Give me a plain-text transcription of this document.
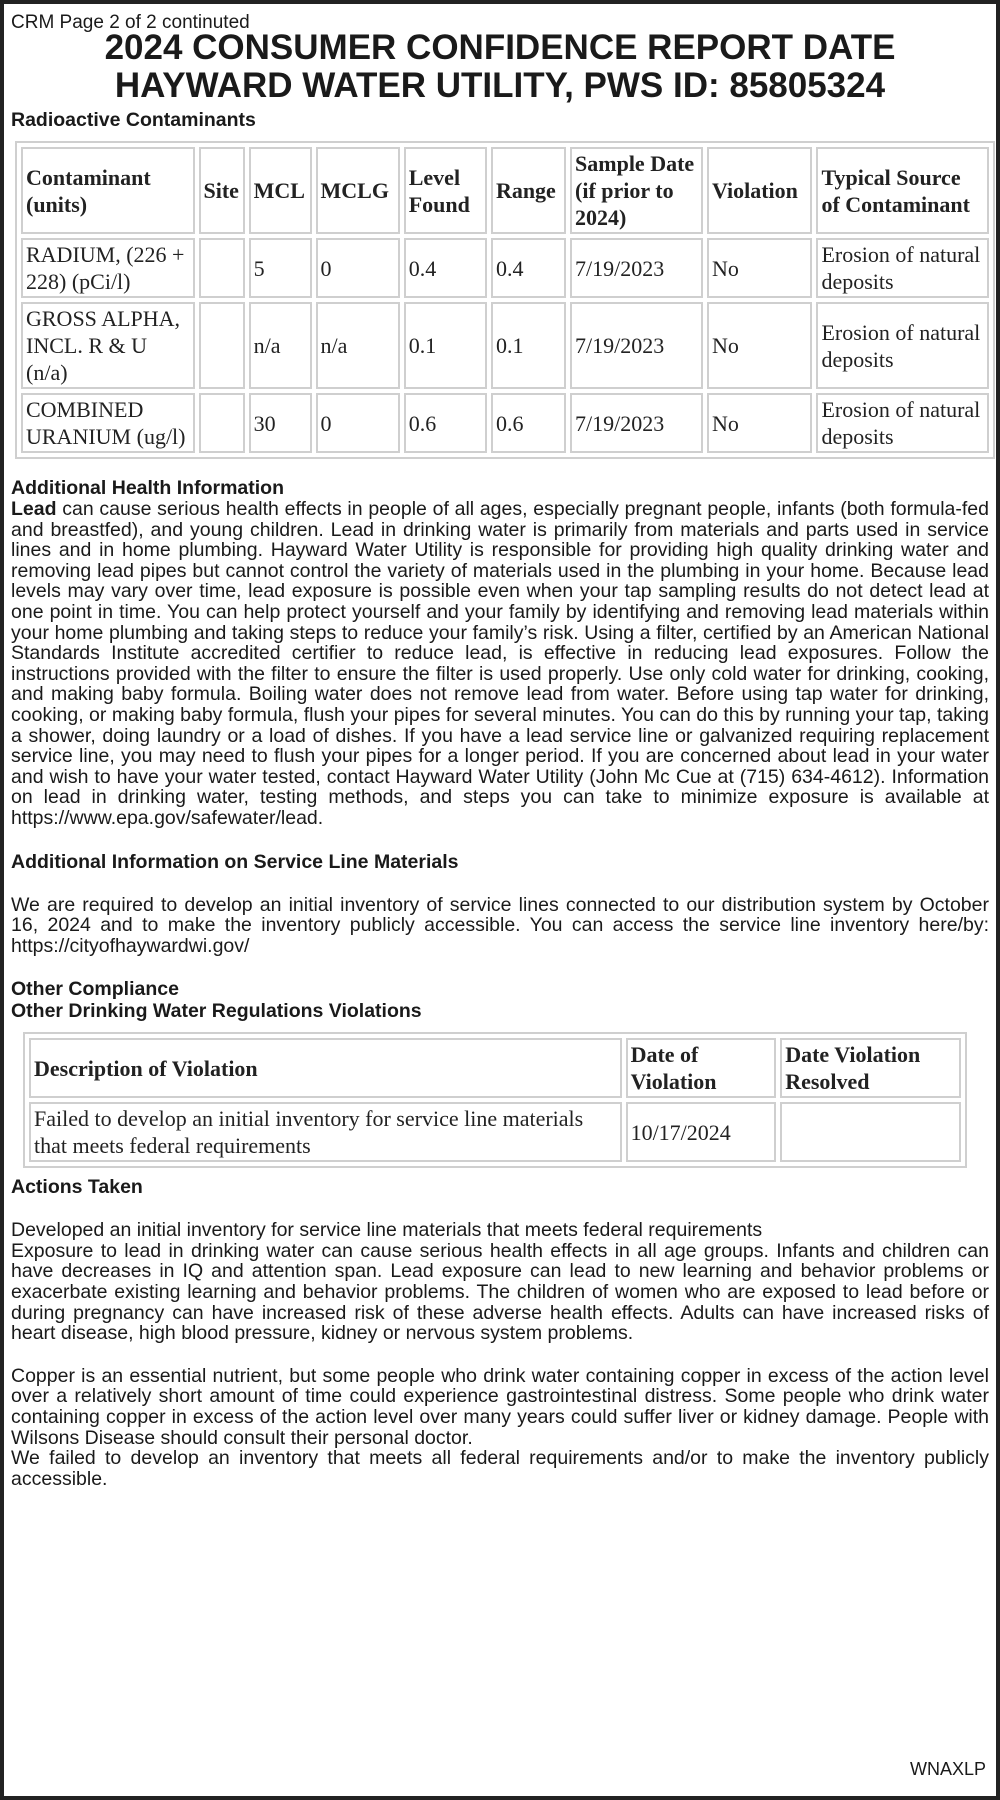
CRM Page 2 of 2 continuted
2024 CONSUMER CONFIDENCE REPORT DATE
HAYWARD WATER UTILITY, PWS ID: 85805324
Radioactive Contaminants
Contaminant (units)	Site	MCL	MCLG	Level Found	Range	Sample Date (if prior to 2024)	Violation	Typical Source of Contaminant
RADIUM, (226 + 228) (pCi/l)		5	0	0.4	0.4	7/19/2023	No	Erosion of natural deposits
GROSS ALPHA, INCL. R & U (n/a)		n/a	n/a	0.1	0.1	7/19/2023	No	Erosion of natural deposits
COMBINED URANIUM (ug/l)		30	0	0.6	0.6	7/19/2023	No	Erosion of natural deposits
Additional Health Information

Lead can cause serious health effects in people of all ages, especially pregnant people, infants (both formula-fed and breastfed), and young children. Lead in drinking water is primarily from materials and parts used in service lines and in home plumbing. Hayward Water Utility is responsible for providing high quality drinking water and removing lead pipes but cannot control the variety of materials used in the plumbing in your home. Because lead levels may vary over time, lead exposure is possible even when your tap sampling results do not detect lead at one point in time. You can help protect yourself and your family by identifying and removing lead materials within your home plumbing and taking steps to reduce your family’s risk. Using a filter, certified by an American National Standards Institute accredited certifier to reduce lead, is effective in reducing lead exposures. Follow the instructions provided with the filter to ensure the filter is used properly. Use only cold water for drinking, cooking, and making baby formula. Boiling water does not remove lead from water. Before using tap water for drinking, cooking, or making baby formula, flush your pipes for several minutes. You can do this by running your tap, taking a shower, doing laundry or a load of dishes. If you have a lead service line or galvanized requiring replacement service line, you may need to flush your pipes for a longer period. If you are concerned about lead in your water and wish to have your water tested, contact Hayward Water Utility (John Mc Cue at (715) 634-4612). Information on lead in drinking water, testing methods, and steps you can take to minimize exposure is available at https://www.epa.gov/safewater/lead.

Additional Information on Service Line Materials

We are required to develop an initial inventory of service lines connected to our distribution system by October 16, 2024 and to make the inventory publicly accessible. You can access the service line inventory here/by: https://cityofhaywardwi.gov/

Other Compliance
Other Drinking Water Regulations Violations
Description of Violation	Date of Violation	Date Violation Resolved
Failed to develop an initial inventory for service line materials that meets federal requirements	10/17/2024	
Actions Taken

Developed an initial inventory for service line materials that meets federal requirements

Exposure to lead in drinking water can cause serious health effects in all age groups. Infants and children can have decreases in IQ and attention span. Lead exposure can lead to new learning and behavior problems or exacerbate existing learning and behavior problems. The children of women who are exposed to lead before or during pregnancy can have increased risk of these adverse health effects. Adults can have increased risks of heart disease, high blood pressure, kidney or nervous system problems.

Copper is an essential nutrient, but some people who drink water containing copper in excess of the action level over a relatively short amount of time could experience gastrointestinal distress. Some people who drink water containing copper in excess of the action level over many years could suffer liver or kidney damage. People with Wilsons Disease should consult their personal doctor.

We failed to develop an inventory that meets all federal requirements and/or to make the inventory publicly accessible.

WNAXLP
